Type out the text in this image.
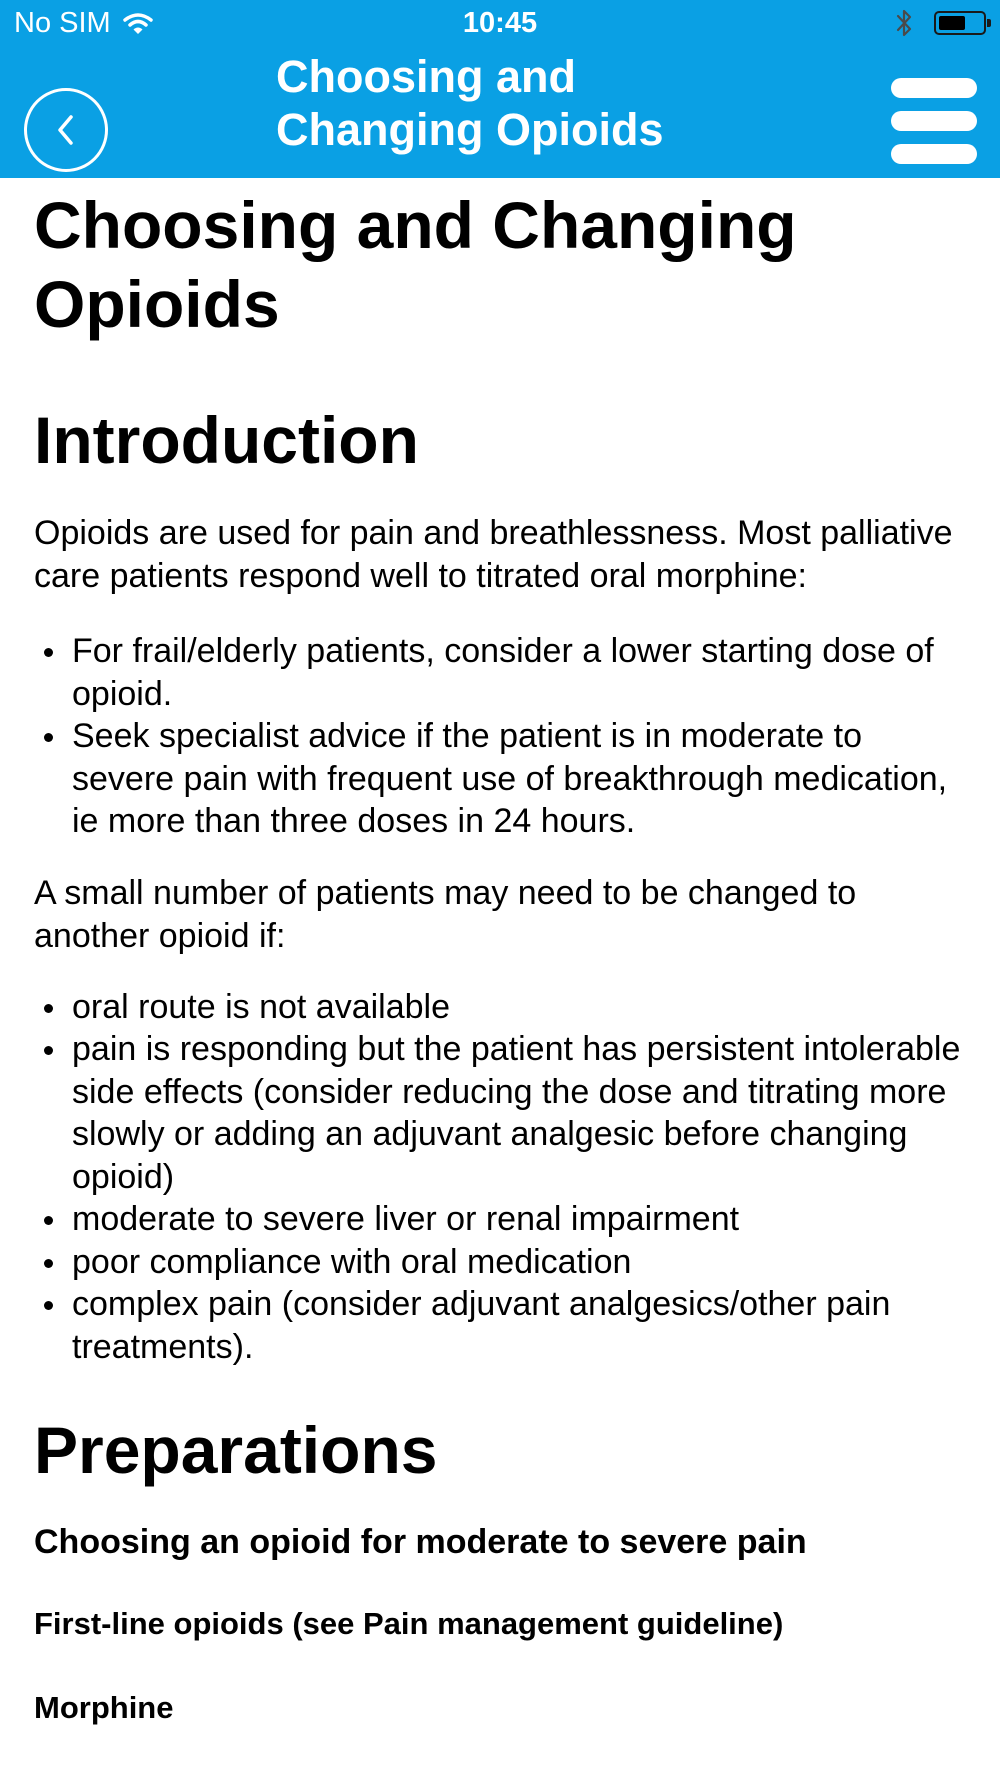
No SIM	10:45
Choosing and
Changing Opioids
Choosing and Changing Opioids
Introduction

Opioids are used for pain and breathlessness. Most palliative care patients respond well to titrated oral morphine:

For frail/elderly patients, consider a lower starting dose of opioid.
Seek specialist advice if the patient is in moderate to severe pain with frequent use of breakthrough medication, ie more than three doses in 24 hours.

A small number of patients may need to be changed to another opioid if:

oral route is not available
pain is responding but the patient has persistent intolerable side effects (consider reducing the dose and titrating more slowly or adding an adjuvant analgesic before changing opioid)
moderate to severe liver or renal impairment
poor compliance with oral medication
complex pain (consider adjuvant analgesics/other pain treatments).
Preparations
Choosing an opioid for moderate to severe pain
First-line opioids (see Pain management guideline)
Morphine
